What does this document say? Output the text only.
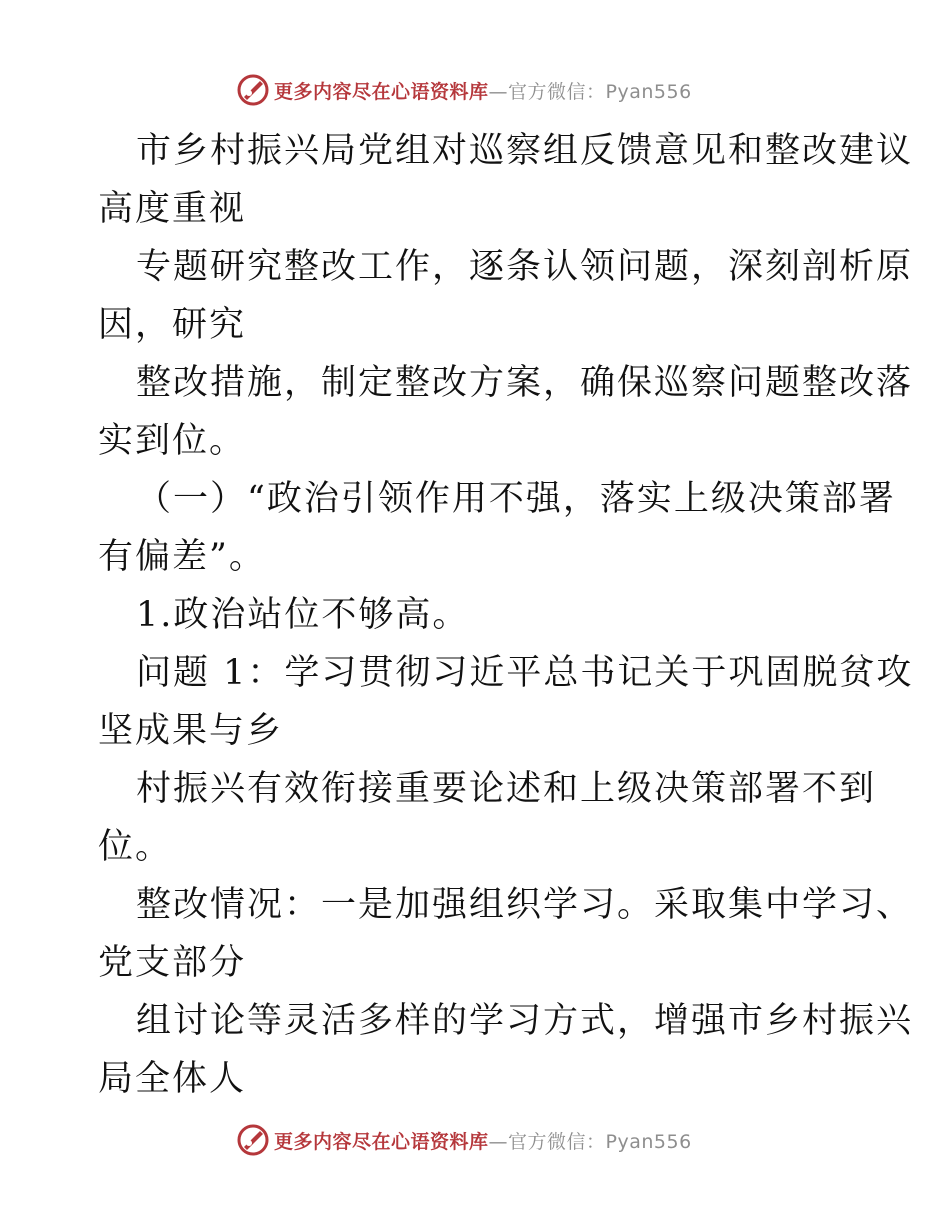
更多内容尽在心语资料库—官方微信：Pyan556
市乡村振兴局党组对巡察组反馈意见和整改建议
高度重视
专题研究整改工作，逐条认领问题，深刻剖析原
因，研究
整改措施，制定整改方案，确保巡察问题整改落
实到位。
（一）“政治引领作用不强，落实上级决策部署
有偏差”。
1.政治站位不够高。
问题 1：学习贯彻习近平总书记关于巩固脱贫攻
坚成果与乡
村振兴有效衔接重要论述和上级决策部署不到
位。
整改情况：一是加强组织学习。采取集中学习、
党支部分
组讨论等灵活多样的学习方式，增强市乡村振兴
局全体人
更多内容尽在心语资料库—官方微信：Pyan556
